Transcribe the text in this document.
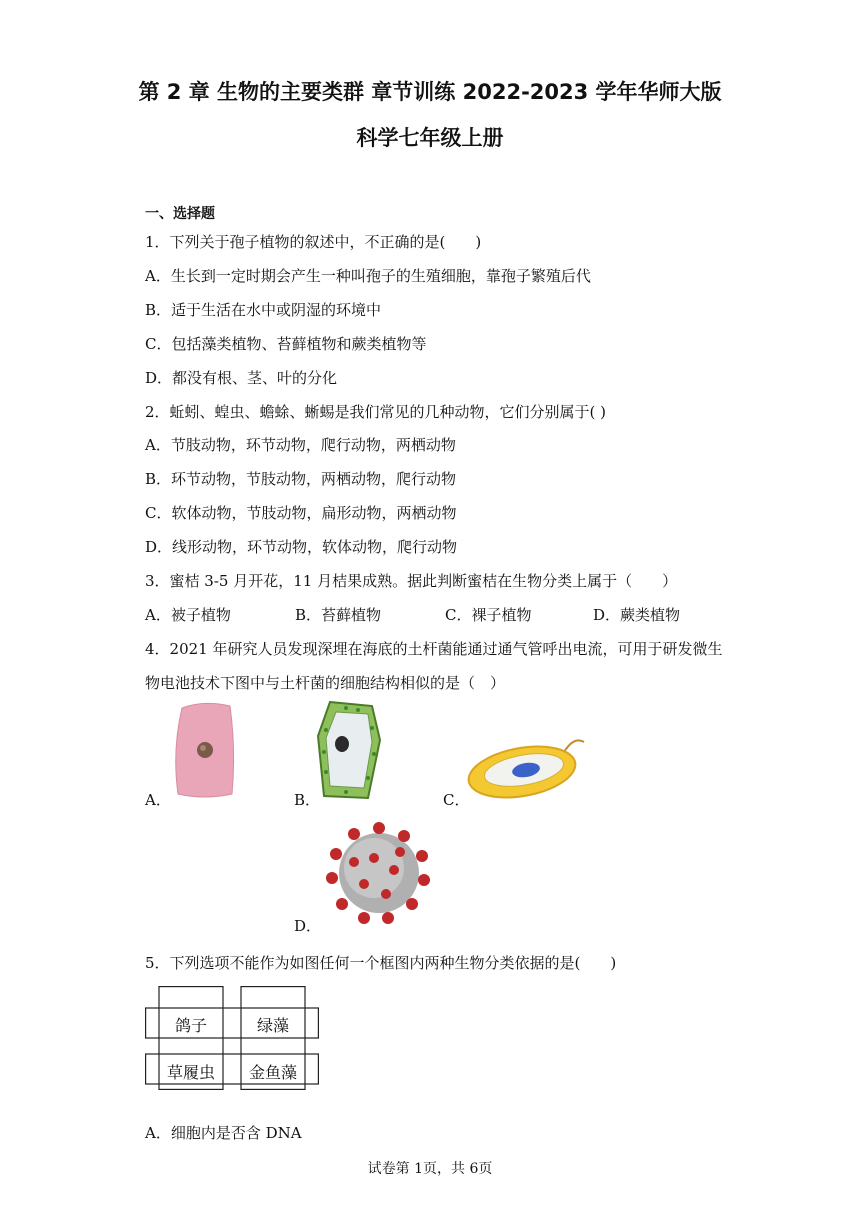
第 2 章 生物的主要类群 章节训练 2022-2023 学年华师大版
科学七年级上册
一、选择题
1．下列关于孢子植物的叙述中，不正确的是(　　)
A．生长到一定时期会产生一种叫孢子的生殖细胞，靠孢子繁殖后代
B．适于生活在水中或阴湿的环境中
C．包括藻类植物、苔藓植物和蕨类植物等
D．都没有根、茎、叶的分化
2．蚯蚓、蝗虫、蟾蜍、蜥蜴是我们常见的几种动物，它们分别属于( )
A．节肢动物，环节动物，爬行动物，两栖动物
B．环节动物，节肢动物，两栖动物，爬行动物
C．软体动物，节肢动物，扁形动物，两栖动物
D．线形动物，环节动物，软体动物，爬行动物
3．蜜桔 3-5 月开花，11 月桔果成熟。据此判断蜜桔在生物分类上属于（　　）
A．被子植物	B．苔藓植物	C．裸子植物	D．蕨类植物
4．2021 年研究人员发现深埋在海底的土杆菌能通过通气管呼出电流，可用于研发微生
物电池技术下图中与土杆菌的细胞结构相似的是（　）
A．	B．	C．
D．
5．下列选项不能作为如图任何一个框图内两种生物分类依据的是(　　)
鸽子	绿藻
草履虫	金鱼藻
A．细胞内是否含 DNA
试卷第 1页，共 6页
